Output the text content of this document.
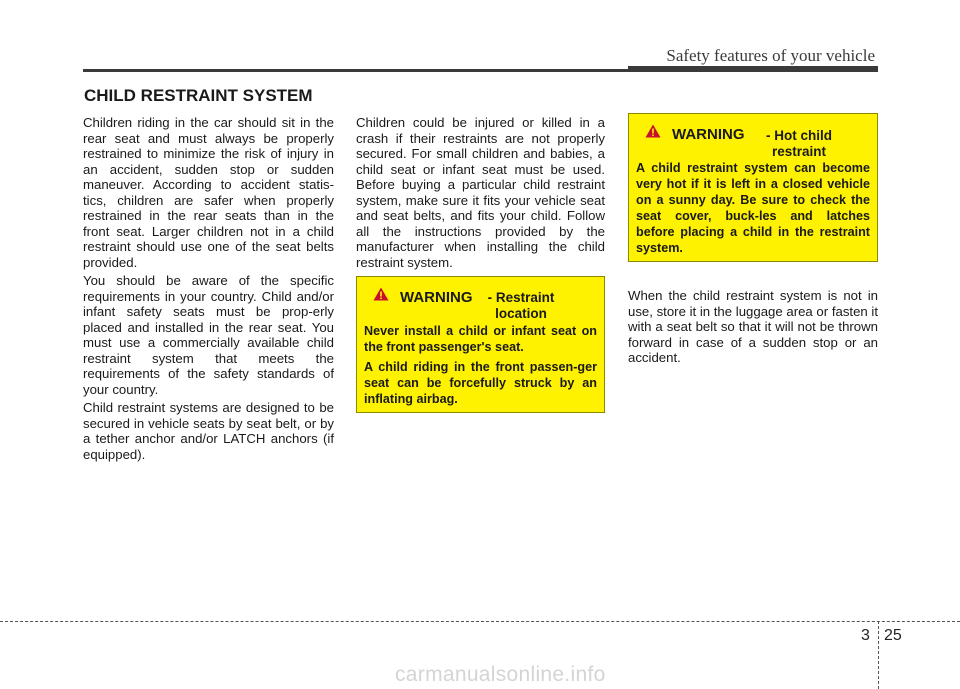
Safety features of your vehicle
CHILD RESTRAINT SYSTEM

Children riding in the car should sit in the rear seat and must always be properly restrained to minimize the risk of injury in an accident, sudden stop or sudden maneuver. According to accident statis-tics, children are safer when properly restrained in the rear seats than in the front seat. Larger children not in a child restraint should use one of the seat belts provided.

You should be aware of the specific requirements in your country. Child and/or infant safety seats must be prop-erly placed and installed in the rear seat. You must use a commercially available child restraint system that meets the requirements of the safety standards of your country.

Child restraint systems are designed to be secured in vehicle seats by seat belt, or by a tether anchor and/or LATCH anchors (if equipped).

Children could be injured or killed in a crash if their restraints are not properly secured. For small children and babies, a child seat or infant seat must be used. Before buying a particular child restraint system, make sure it fits your vehicle seat and seat belts, and fits your child. Follow all the instructions provided by the manufacturer when installing the child restraint system.

WARNING	- Restraint location

Never install a child or infant seat on the front passenger's seat.

A child riding in the front passen-ger seat can be forcefully struck by an inflating airbag.

WARNING	- Hot child restraint

A child restraint system can become very hot if it is left in a closed vehicle on a sunny day. Be sure to check the seat cover, buck-les and latches before placing a child in the restraint system.

When the child restraint system is not in use, store it in the luggage area or fasten it with a seat belt so that it will not be thrown forward in case of a sudden stop or an accident.

3 25
carmanualsonline.info
